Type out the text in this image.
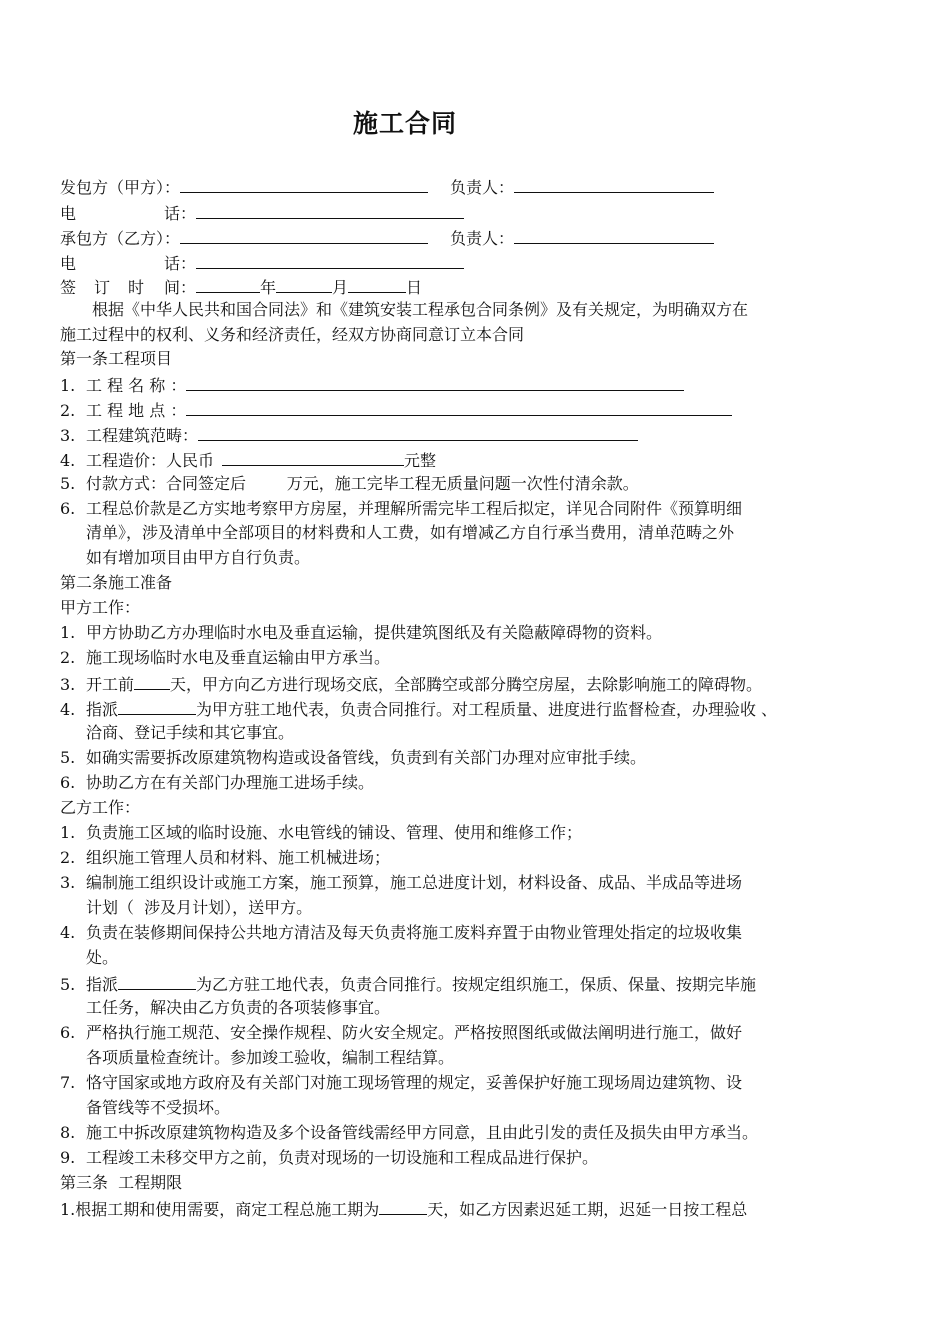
施工合同
发包方（甲方）：	负责人：
电	话：
承包方（乙方）：	负责人：
电	话：
签 订 时 间：	年	月	日
根据《中华人民共和国合同法》和《建筑安装工程承包合同条例》及有关规定，为明确双方在
施工过程中的权利、义务和经济责任，经双方协商同意订立本合同
第一条工程项目
1. 工 程 名 称 ：
2. 工 程 地 点 ：
3. 工程建筑范畴：
4. 工程造价：人民币	元整
5. 付款方式：合同签定后        万元，施工完毕工程无质量问题一次性付清余款。
6. 工程总价款是乙方实地考察甲方房屋，并理解所需完毕工程后拟定，详见合同附件《预算明细
清单》，涉及清单中全部项目的材料费和人工费，如有增减乙方自行承当费用，清单范畴之外
如有增加项目由甲方自行负责。
第二条施工准备
甲方工作：
1. 甲方协助乙方办理临时水电及垂直运输，提供建筑图纸及有关隐蔽障碍物的资料。
2. 施工现场临时水电及垂直运输由甲方承当。
3. 开工前 天，甲方向乙方进行现场交底，全部腾空或部分腾空房屋，去除影响施工的障碍物。
4. 指派	为甲方驻工地代表，负责合同推行。对工程质量、进度进行监督检查，办理验收 、
洽商、登记手续和其它事宜。
5. 如确实需要拆改原建筑物构造或设备管线，负责到有关部门办理对应审批手续。
6. 协助乙方在有关部门办理施工进场手续。
乙方工作：
1. 负责施工区域的临时设施、水电管线的铺设、管理、使用和维修工作；
2. 组织施工管理人员和材料、施工机械进场；
3. 编制施工组织设计或施工方案，施工预算，施工总进度计划，材料设备、成品、半成品等进场
计划（  涉及月计划），送甲方。
4. 负责在装修期间保持公共地方清洁及每天负责将施工废料弃置于由物业管理处指定的垃圾收集
处。
5. 指派	为乙方驻工地代表，负责合同推行。按规定组织施工，保质、保量、按期完毕施
工任务，解决由乙方负责的各项装修事宜。
6. 严格执行施工规范、安全操作规程、防火安全规定。严格按照图纸或做法阐明进行施工，做好
各项质量检查统计。参加竣工验收，编制工程结算。
7. 恪守国家或地方政府及有关部门对施工现场管理的规定，妥善保护好施工现场周边建筑物、设
备管线等不受损坏。
8. 施工中拆改原建筑物构造及多个设备管线需经甲方同意，且由此引发的责任及损失由甲方承当。
9. 工程竣工未移交甲方之前，负责对现场的一切设施和工程成品进行保护。
第三条  工程期限
1.根据工期和使用需要，商定工程总施工期为	天，如乙方因素迟延工期，迟延一日按工程总
